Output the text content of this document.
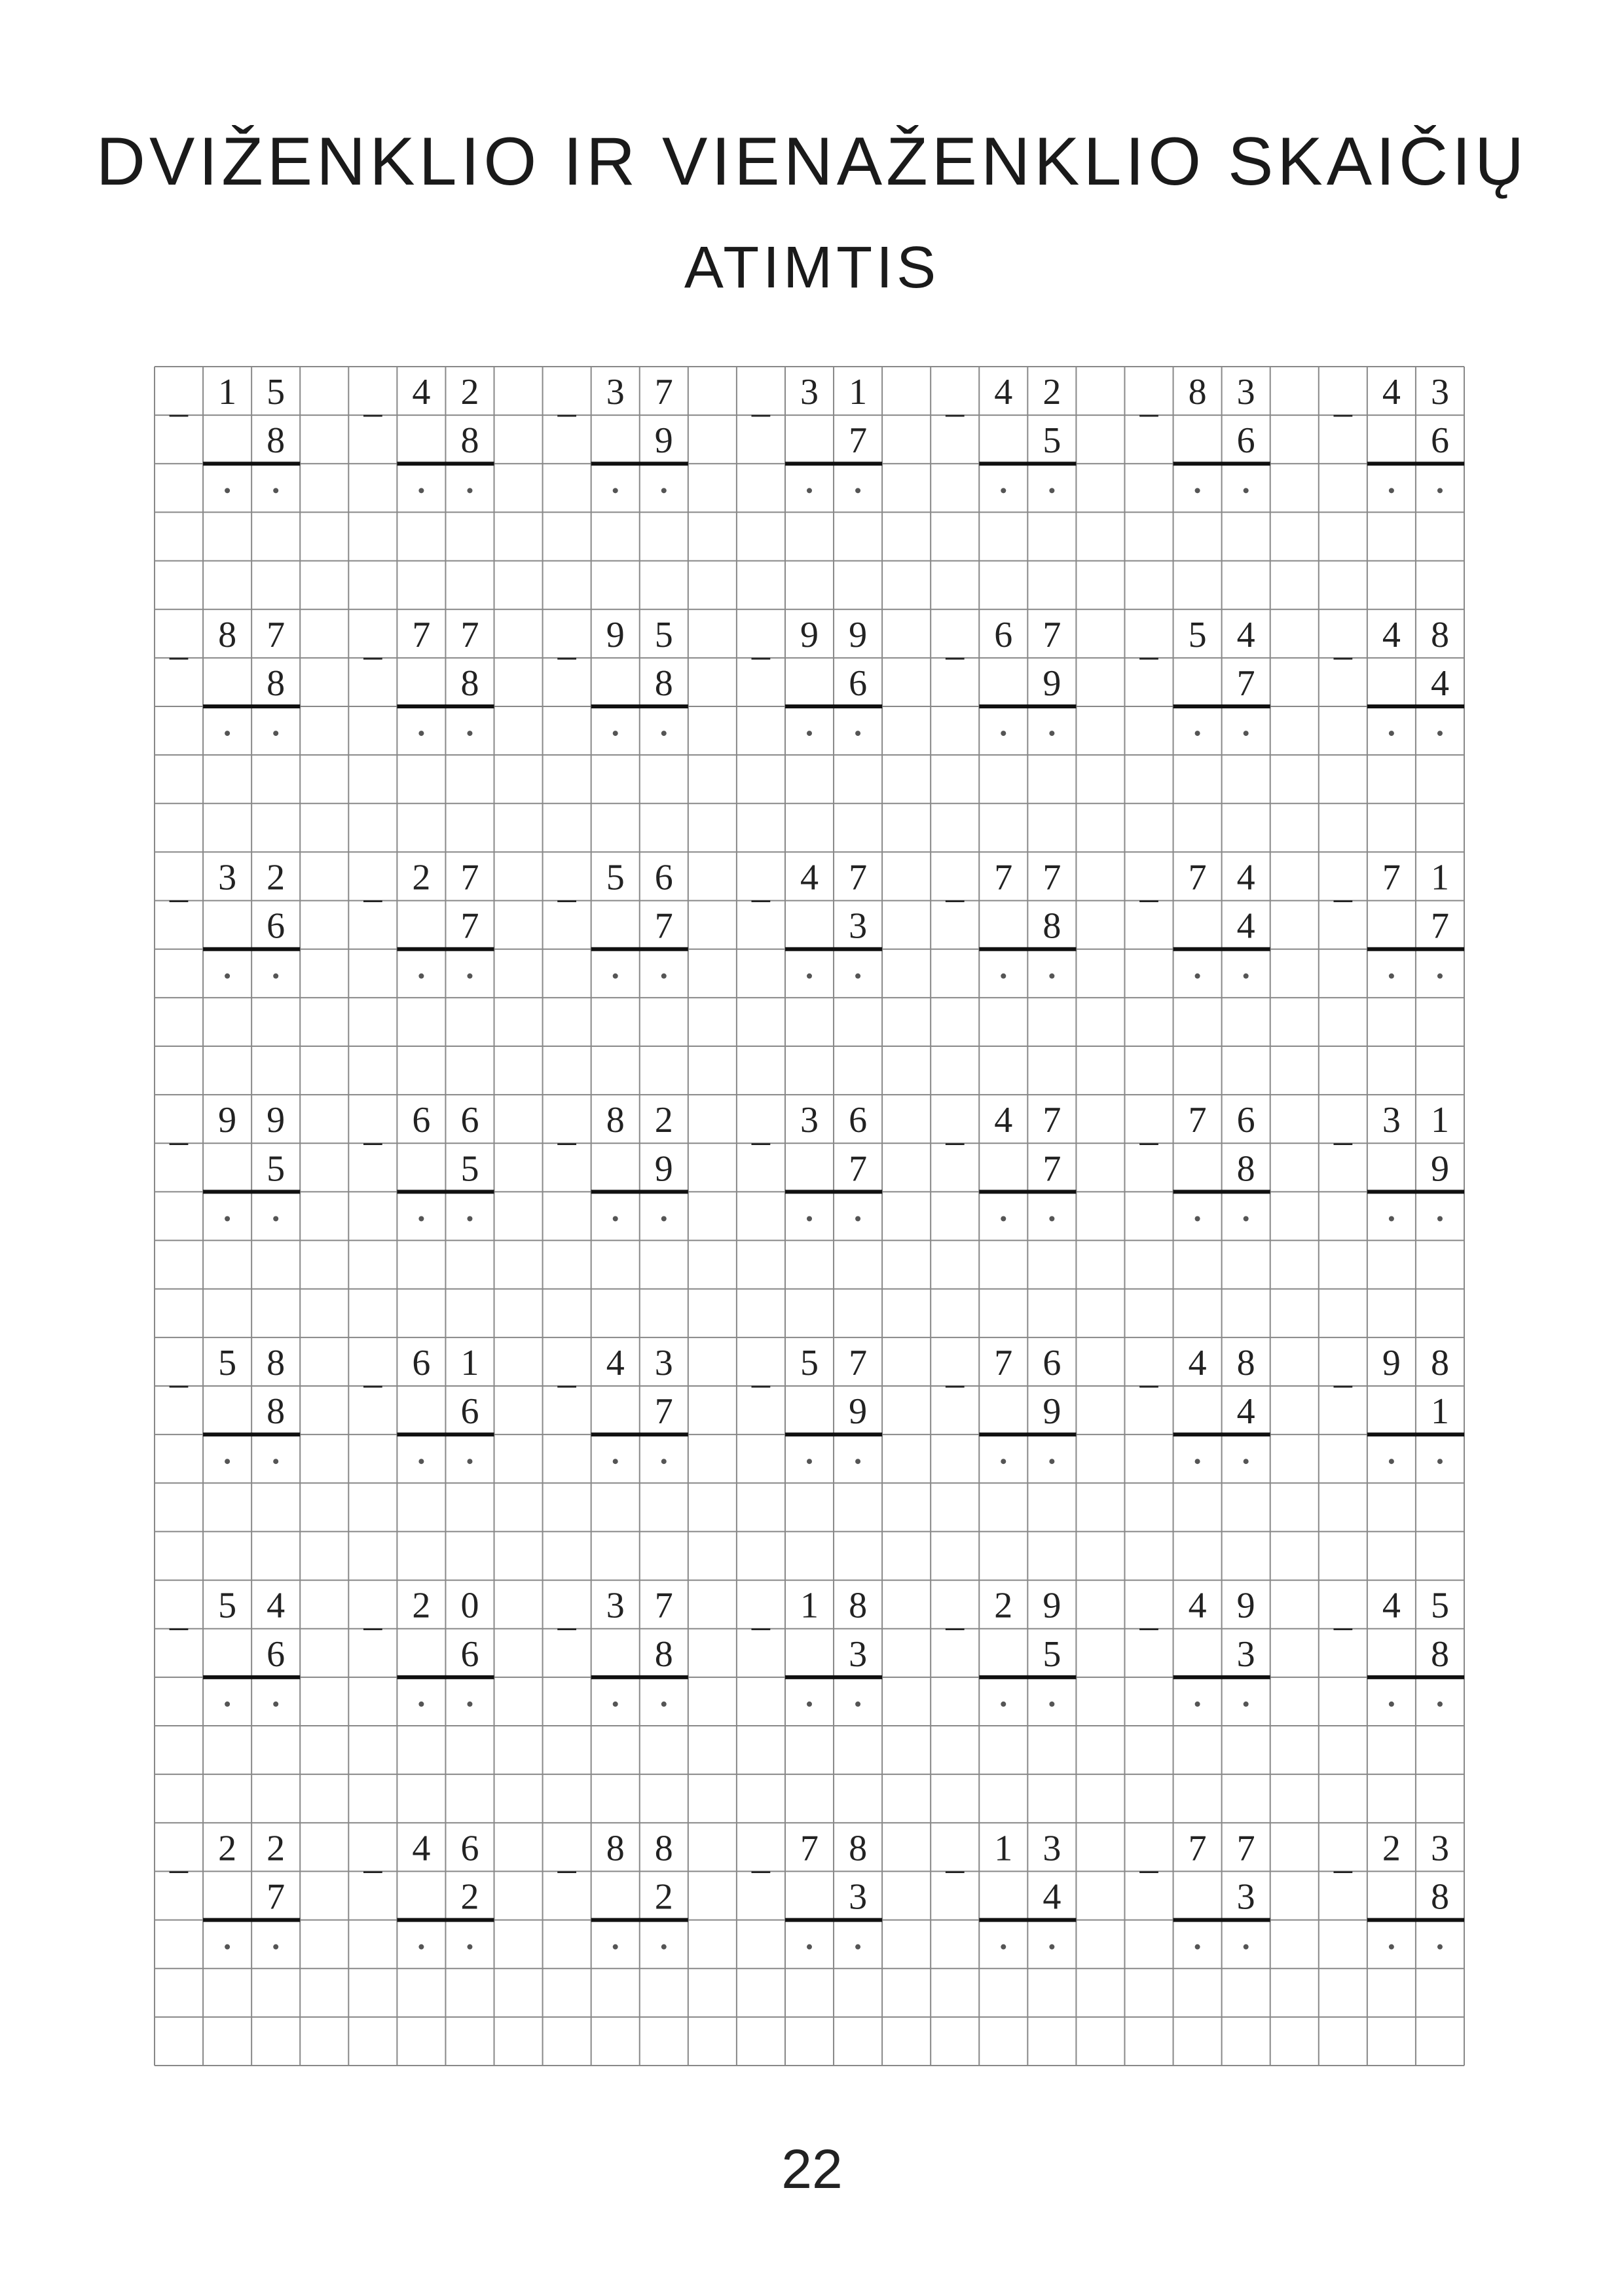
DVIŽENKLIO IR VIENAŽENKLIO SKAIČIŲ
ATIMTIS
–
1 5
8
–
4 2
8
–
3 7
9
–
3 1
7
–
4 2
5
–
8 3
6
–
4 3
6
–
8 7
8
–
7 7
8
–
9 5
8
–
9 9
6
–
6 7
9
–
5 4
7
–
4 8
4
–
3 2
6
–
2 7
7
–
5 6
7
–
4 7
3
–
7 7
8
–
7 4
4
–
7 1
7
–
9 9
5
–
6 6
5
–
8 2
9
–
3 6
7
–
4 7
7
–
7 6
8
–
3 1
9
–
5 8
8
–
6 1
6
–
4 3
7
–
5 7
9
–
7 6
9
–
4 8
4
–
9 8
1
–
5 4
6
–
2 0
6
–
3 7
8
–
1 8
3
–
2 9
5
–
4 9
3
–
4 5
8
–
2 2
7
–
4 6
2
–
8 8
2
–
7 8
3
–
1 3
4
–
7 7
3
–
2 3
8
22
